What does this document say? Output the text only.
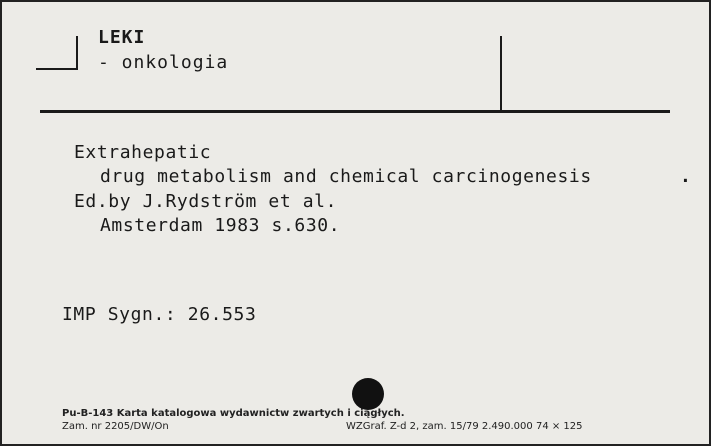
LEKI
- onkologia
Extrahepatic
drug metabolism and chemical carcinogenesis	.
Ed.by J.Rydström et al.
Amsterdam 1983 s.630.
IMP Sygn.: 26.553
Pu-B-143 Karta katalogowa wydawnictw zwartych i ciągłych.
Zam. nr 2205/DW/On	WZGraf. Z-d 2, zam. 15/79 2.490.000 74 × 125
